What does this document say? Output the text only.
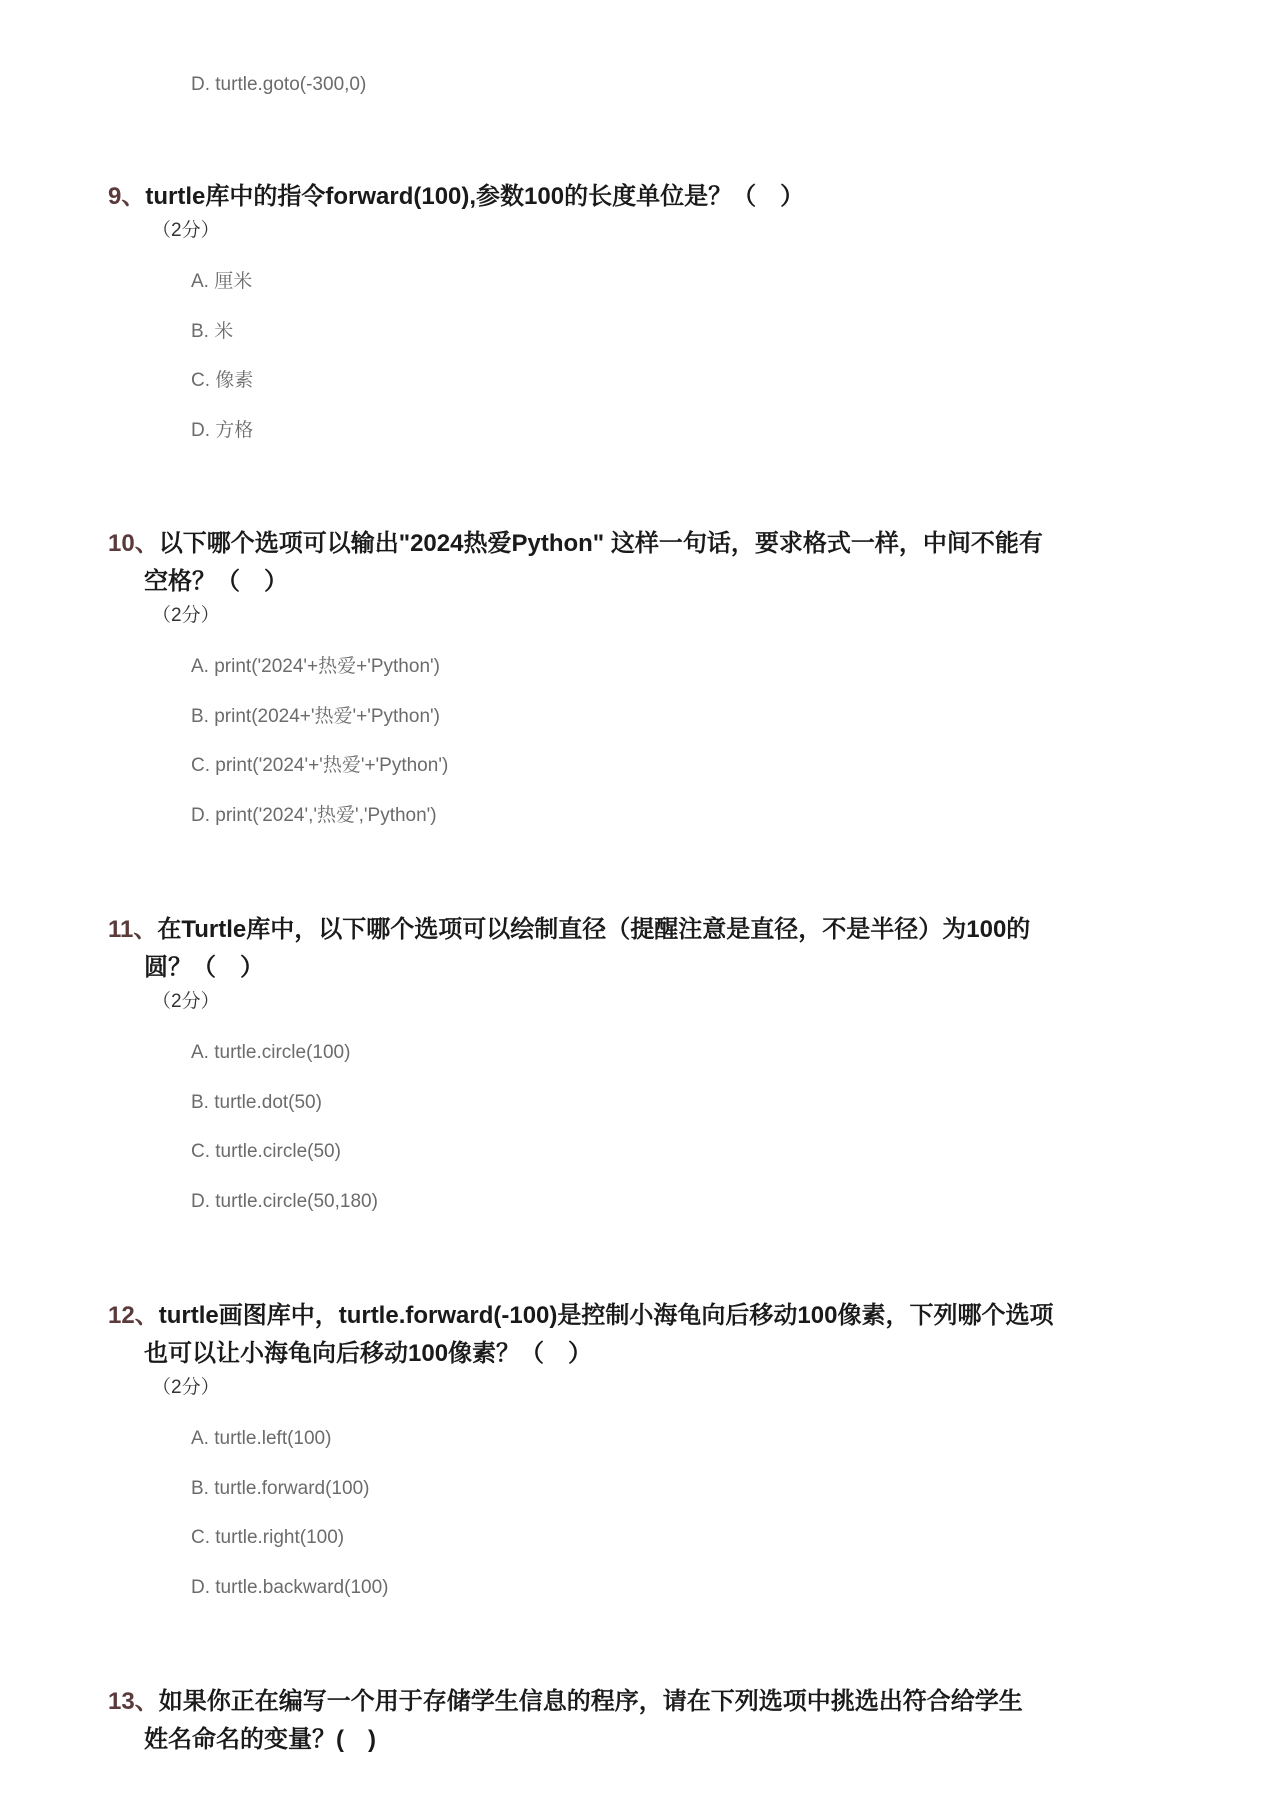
D. turtle.goto(-300,0)
9、turtle库中的指令forward(100),参数100的长度单位是？（　）
（2分）
A. 厘米
B. 米
C. 像素
D. 方格
10、以下哪个选项可以输出"2024热爱Python" 这样一句话，要求格式一样，中间不能有
空格？（　）
（2分）
A. print('2024'+热爱+'Python')
B. print(2024+'热爱'+'Python')
C. print('2024'+'热爱'+'Python')
D. print('2024','热爱','Python')
11、在Turtle库中，以下哪个选项可以绘制直径（提醒注意是直径，不是半径）为100的
圆？（　）
（2分）
A. turtle.circle(100)
B. turtle.dot(50)
C. turtle.circle(50)
D. turtle.circle(50,180)
12、turtle画图库中，turtle.forward(-100)是控制小海龟向后移动100像素，下列哪个选项
也可以让小海龟向后移动100像素？（　）
（2分）
A. turtle.left(100)
B. turtle.forward(100)
C. turtle.right(100)
D. turtle.backward(100)
13、如果你正在编写一个用于存储学生信息的程序，请在下列选项中挑选出符合给学生
姓名命名的变量？(　)
